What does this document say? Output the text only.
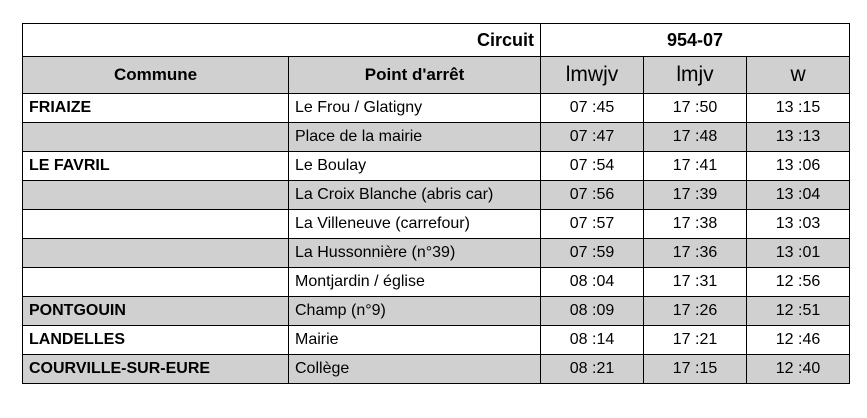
Circuit		954-07		
Commune	Point d'arrêt	lmwjv	lmjv	w
FRIAIZE	Le Frou / Glatigny	07 :45	17 :50	13 :15
	Place de la mairie	07 :47	17 :48	13 :13
LE FAVRIL	Le Boulay	07 :54	17 :41	13 :06
	La Croix Blanche (abris car)	07 :56	17 :39	13 :04
	La Villeneuve (carrefour)	07 :57	17 :38	13 :03
	La Hussonnière (n°39)	07 :59	17 :36	13 :01
	Montjardin / église	08 :04	17 :31	12 :56
PONTGOUIN	Champ (n°9)	08 :09	17 :26	12 :51
LANDELLES	Mairie	08 :14	17 :21	12 :46
COURVILLE-SUR-EURE	Collège	08 :21	17 :15	12 :40
